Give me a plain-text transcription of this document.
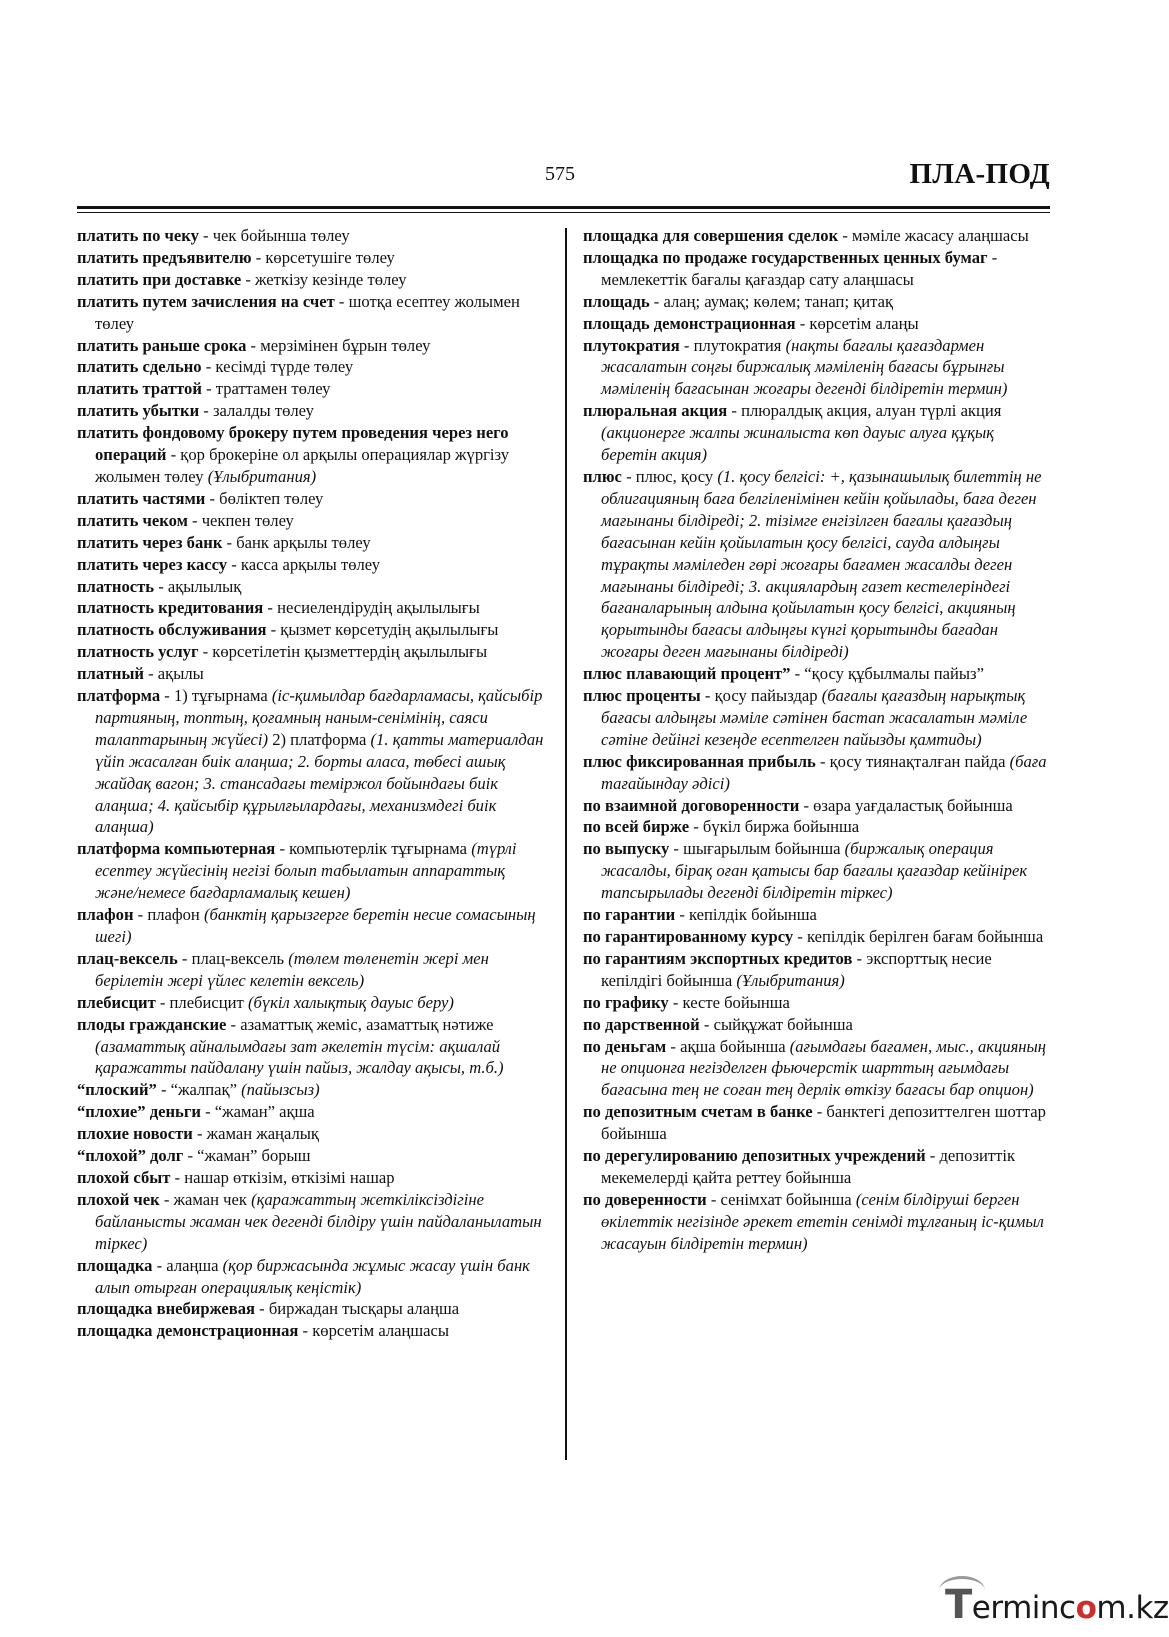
575	ПЛА-ПОД

платить по чеку - чек бойынша төлеу

платить предъявителю - көрсетушіге төлеу

платить при доставке - жеткізу кезінде төлеу

платить путем зачисления на счет - шотқа есептеу жолымен төлеу

платить раньше срока - мерзімінен бұрын төлеу

платить сдельно - кесімді түрде төлеу

платить траттой - траттамен төлеу

платить убытки - залалды төлеу

платить фондовому брокеру путем проведения через него операций - қор брокеріне ол арқылы операциялар жүргізу жолымен төлеу (Ұлыбритания)

платить частями - бөліктеп төлеу

платить чеком - чекпен төлеу

платить через банк - банк арқылы төлеу

платить через кассу - касса арқылы төлеу

платность - ақылылық

платность кредитования - несиелендірудің ақылылығы

платность обслуживания - қызмет көрсетудің ақылылығы

платность услуг - көрсетілетін қызметтердің ақылылығы

платный - ақылы

платформа - 1) тұғырнама (іс-қимылдар бағдарламасы, қайсыбір партияның, топтың, қоғамның наным-сенімінің, саяси талаптарының жүйесі) 2) платформа (1. қатты материалдан үйіп жасалған биік алаңша; 2. борты аласа, төбесі ашық жайдақ вагон; 3. стансадағы теміржол бойындағы биік алаңша; 4. қайсыбір құрылғылардағы, механизмдегі биік алаңша)

платформа компьютерная - компьютерлік тұғырнама (түрлі есептеу жүйесінің негізі болып табылатын аппараттық және/немесе бағдарламалық кешен)

плафон - плафон (банктің қарызгерге беретін несие сомасының шегі)

плац-вексель - плац-вексель (төлем төленетін жері мен берілетін жері үйлес келетін вексель)

плебисцит - плебисцит (бүкіл халықтық дауыс беру)

плоды гражданские - азаматтық жеміс, азаматтық нәтиже (азаматтық айналымдағы зат әкелетін түсім: ақшалай қаражатты пайдалану үшін пайыз, жалдау ақысы, т.б.)

“плоский” - “жалпақ” (пайызсыз)

“плохие” деньги - “жаман” ақша

плохие новости - жаман жаңалық

“плохой” долг - “жаман” борыш

плохой сбыт - нашар өткізім, өткізімі нашар

плохой чек - жаман чек (қаражаттың жеткіліксіздігіне байланысты жаман чек дегенді білдіру үшін пайдаланылатын тіркес)

площадка - алаңша (қор биржасында жұмыс жасау үшін банк алып отырған операциялық кеңістік)

площадка внебиржевая - биржадан тысқары алаңша

площадка демонстрационная - көрсетім алаңшасы

площадка для совершения сделок - мәміле жасасу алаңшасы

площадка по продаже государственных ценных бумаг - мемлекеттік бағалы қағаздар сату алаңшасы

площадь - алаң; аумақ; көлем; танап; қитақ

площадь демонстрационная - көрсетім алаңы

плутократия - плутократия (нақты бағалы қағаздармен жасалатын соңғы биржалық мәміленің бағасы бұрынғы мәміленің бағасынан жоғары дегенді білдіретін термин)

плюральная акция - плюралдық акция, алуан түрлі акция (акционерге жалпы жиналыста көп дауыс алуға құқық беретін акция)

плюс - плюс, қосу (1. қосу белгісі: +, қазынашылық билеттің не облигацияның баға белгіленімінен кейін қойылады, баға деген мағынаны білдіреді; 2. тізімге енгізілген бағалы қағаздың бағасынан кейін қойылатын қосу белгісі, сауда алдыңғы тұрақты мәміледен гөрі жоғары бағамен жасалды деген мағынаны білдіреді; 3. акциялардың газет кестелеріндегі бағаналарының алдына қойылатын қосу белгісі, акцияның қорытынды бағасы алдыңғы күнгі қорытынды бағадан жоғары деген мағынаны білдіреді)

плюс плавающий процент” - “қосу құбылмалы пайыз”

плюс проценты - қосу пайыздар (бағалы қағаздың нарықтық бағасы алдыңғы мәміле сәтінен бастап жасалатын мәміле сәтіне дейінгі кезеңде есептелген пайызды қамтиды)

плюс фиксированная прибыль - қосу тиянақталған пайда (баға тағайындау әдісі)

по взаимной договоренности - өзара уағдаластық бойынша

по всей бирже - бүкіл биржа бойынша

по выпуску - шығарылым бойынша (биржалық операция жасалды, бірақ оған қатысы бар бағалы қағаздар кейінірек тапсырылады дегенді білдіретін тіркес)

по гарантии - кепілдік бойынша

по гарантированному курсу - кепілдік берілген бағам бойынша

по гарантиям экспортных кредитов - экспорттық несие кепілдігі бойынша (Ұлыбритания)

по графику - кесте бойынша

по дарственной - сыйқұжат бойынша

по деньгам - ақша бойынша (ағымдағы бағамен, мыс., акцияның не опционға негізделген фьючерстік шарттың ағымдағы бағасына тең не соған тең дерлік өткізу бағасы бар опцион)

по депозитным счетам в банке - банктегі депозиттелген шоттар бойынша

по дерегулированию депозитных учреждений - депозиттік мекемелерді қайта реттеу бойынша

по доверенности - сенімхат бойынша (сенім білдіруші берген өкілеттік негізінде әрекет ететін сенімді тұлғаның іс-қимыл жасауын білдіретін термин)

Termincom.kz
